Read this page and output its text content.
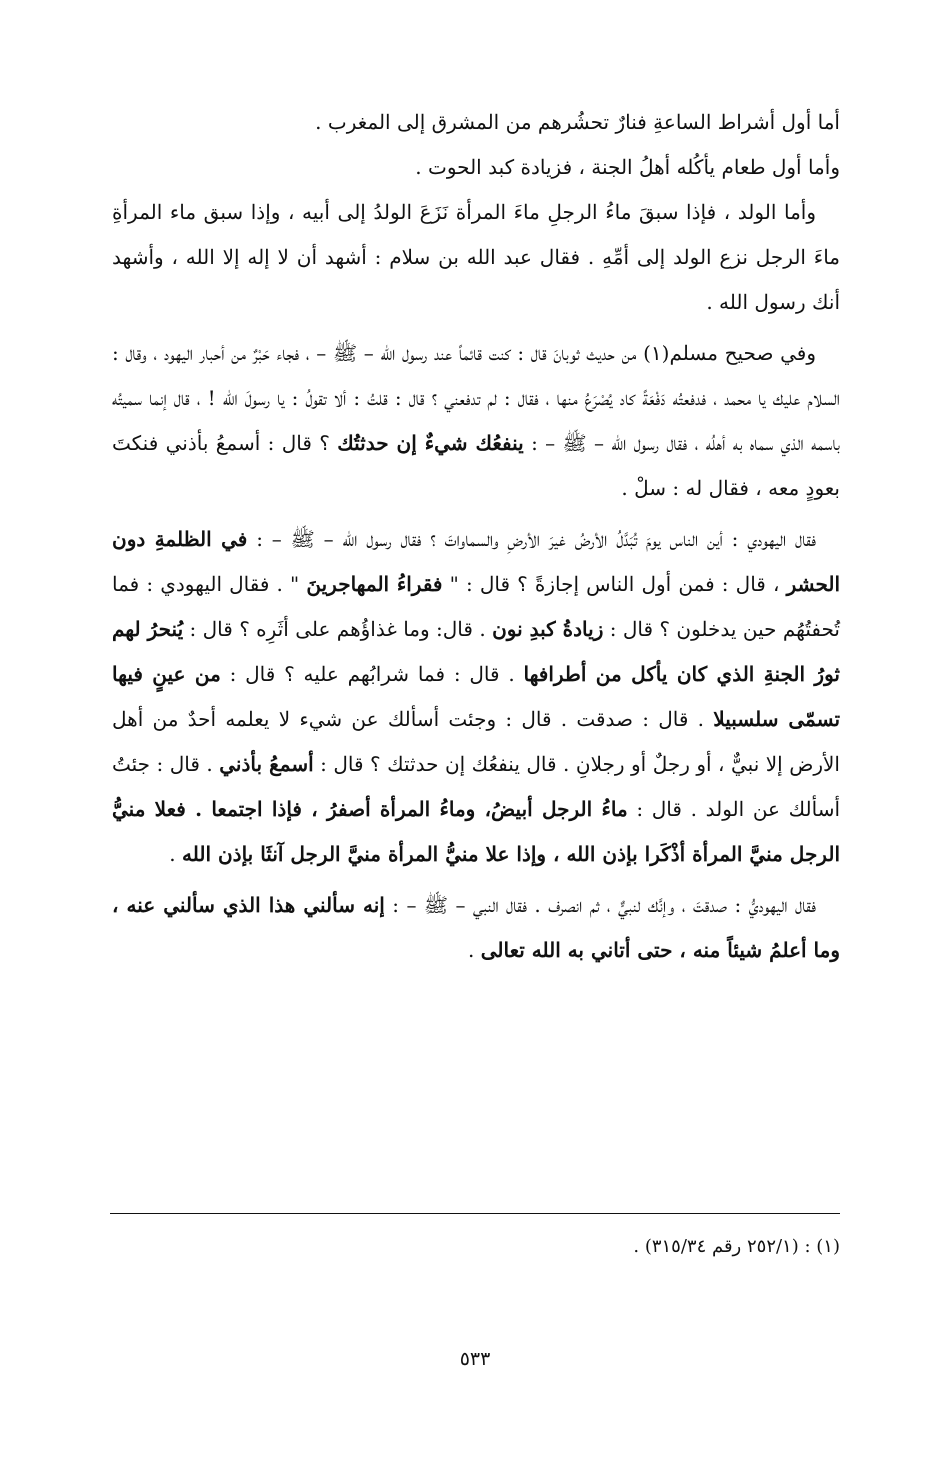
أما أول أشراط الساعةِ فنارٌ تحشُرهم من المشرق إلى المغرب .

وأما أول طعام يأكُله أهلُ الجنة ، فزيادة كبد الحوت .

وأما الولد ، فإذا سبقَ ماءُ الرجلِ ماءَ المرأة نَزَعَ الولدُ إلى أبيه ، وإذا سبق ماء المرأةِ ماءَ الرجل نزع الولد إلى أمِّهِ . فقال عبد الله بن سلام : أشهد أن لا إله إلا الله ، وأشهد أنك رسول الله .

وفي صحيح مسلم(١) من حديث ثوبانَ قال : كنت قائماً عند رسول الله – ﷺ – ، فجاء حَبْرٌ من أحبار اليهود ، وقال : السلام عليك يا محمد ، فدفعتُه دَفْعَةً كاد يُصْرَعُ منها ، فقال : لم تدفعني ؟ قال : قلتُ : ألا تقولُ : يا رسولَ الله ! ، قال إنما سميتُه باسمه الذي سماه به أهلُه ، فقال رسول الله – ﷺ – : ينفعُك شيءٌ إن حدثتُك ؟ قال : أسمعُ بأذني فنكتَ بعودٍ معه ، فقال له : سلْ .

فقال اليهودي : أين الناس يومَ تُبَدَّلُ الأرضُ غيرَ الأرضِ والسماواتَ ؟ فقال رسول الله – ﷺ – : في الظلمةِ دون الحشر ، قال : فمن أول الناس إجازةً ؟ قال : " فقراءُ المهاجرينَ " . فقال اليهودي : فما تُحفتُهُم حين يدخلون ؟ قال : زيادةُ كبدِ نون . قال: وما غذاؤُهم على أثَرِه ؟ قال : يُنحرُ لهم ثورُ الجنةِ الذي كان يأكل من أطرافها . قال : فما شرابُهم عليه ؟ قال : من عينٍ فيها تسمّى سلسبيلا . قال : صدقت . قال : وجئت أسألك عن شيء لا يعلمه أحدٌ من أهل الأرض إلا نبيٌّ ، أو رجلٌ أو رجلانِ . قال ينفعُك إن حدثتك ؟ قال : أسمعُ بأذني . قال : جئتُ أسألك عن الولد . قال : ماءُ الرجل أبيضُ، وماءُ المرأة أصفرُ ، فإذا اجتمعا . فعلا منيُّ الرجل منيَّ المرأة أذْكَرا بإذن الله ، وإذا علا منيُّ المرأة منيَّ الرجل آنثَا بإذن الله .

فقال اليهوديُّ : صدقتَ ، وإنَّك لنبيٌّ ، ثم انصرف . فقال النبي – ﷺ – : إنه سألني هذا الذي سألني عنه ، وما أعلمُ شيئاً منه ، حتى أتاني به الله تعالى .

(١) : (٢٥٢/١ رقم ٣١٥/٣٤) .
٥٣٣
